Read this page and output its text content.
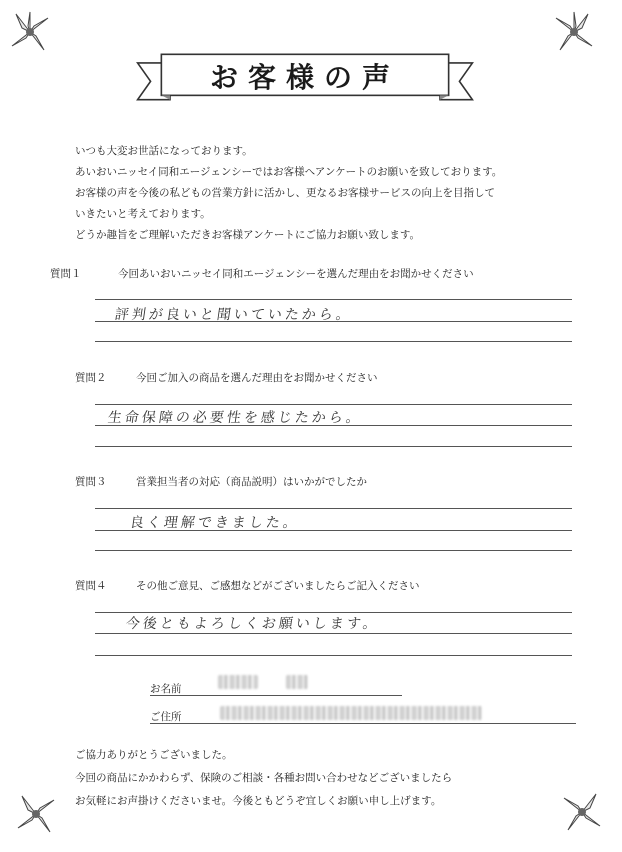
お客様の声
いつも大変お世話になっております。
あいおいニッセイ同和エージェンシーではお客様へアンケートのお願いを致しております。
お客様の声を今後の私どもの営業方針に活かし、更なるお客様サービスの向上を目指して
いきたいと考えております。
どうか趣旨をご理解いただきお客様アンケートにご協力お願い致します。
質問１	今回あいおいニッセイ同和エージェンシーを選んだ理由をお聞かせください
評判が良いと聞いていたから。
質問２	今回ご加入の商品を選んだ理由をお聞かせください
生命保障の必要性を感じたから。
質問３	営業担当者の対応（商品説明）はいかがでしたか
良く理解できました。
質問４	その他ご意見、ご感想などがございましたらご記入ください
今後ともよろしくお願いします。
お名前
ご住所
ご協力ありがとうございました。
今回の商品にかかわらず、保険のご相談・各種お問い合わせなどございましたら
お気軽にお声掛けくださいませ。今後ともどうぞ宜しくお願い申し上げます。
